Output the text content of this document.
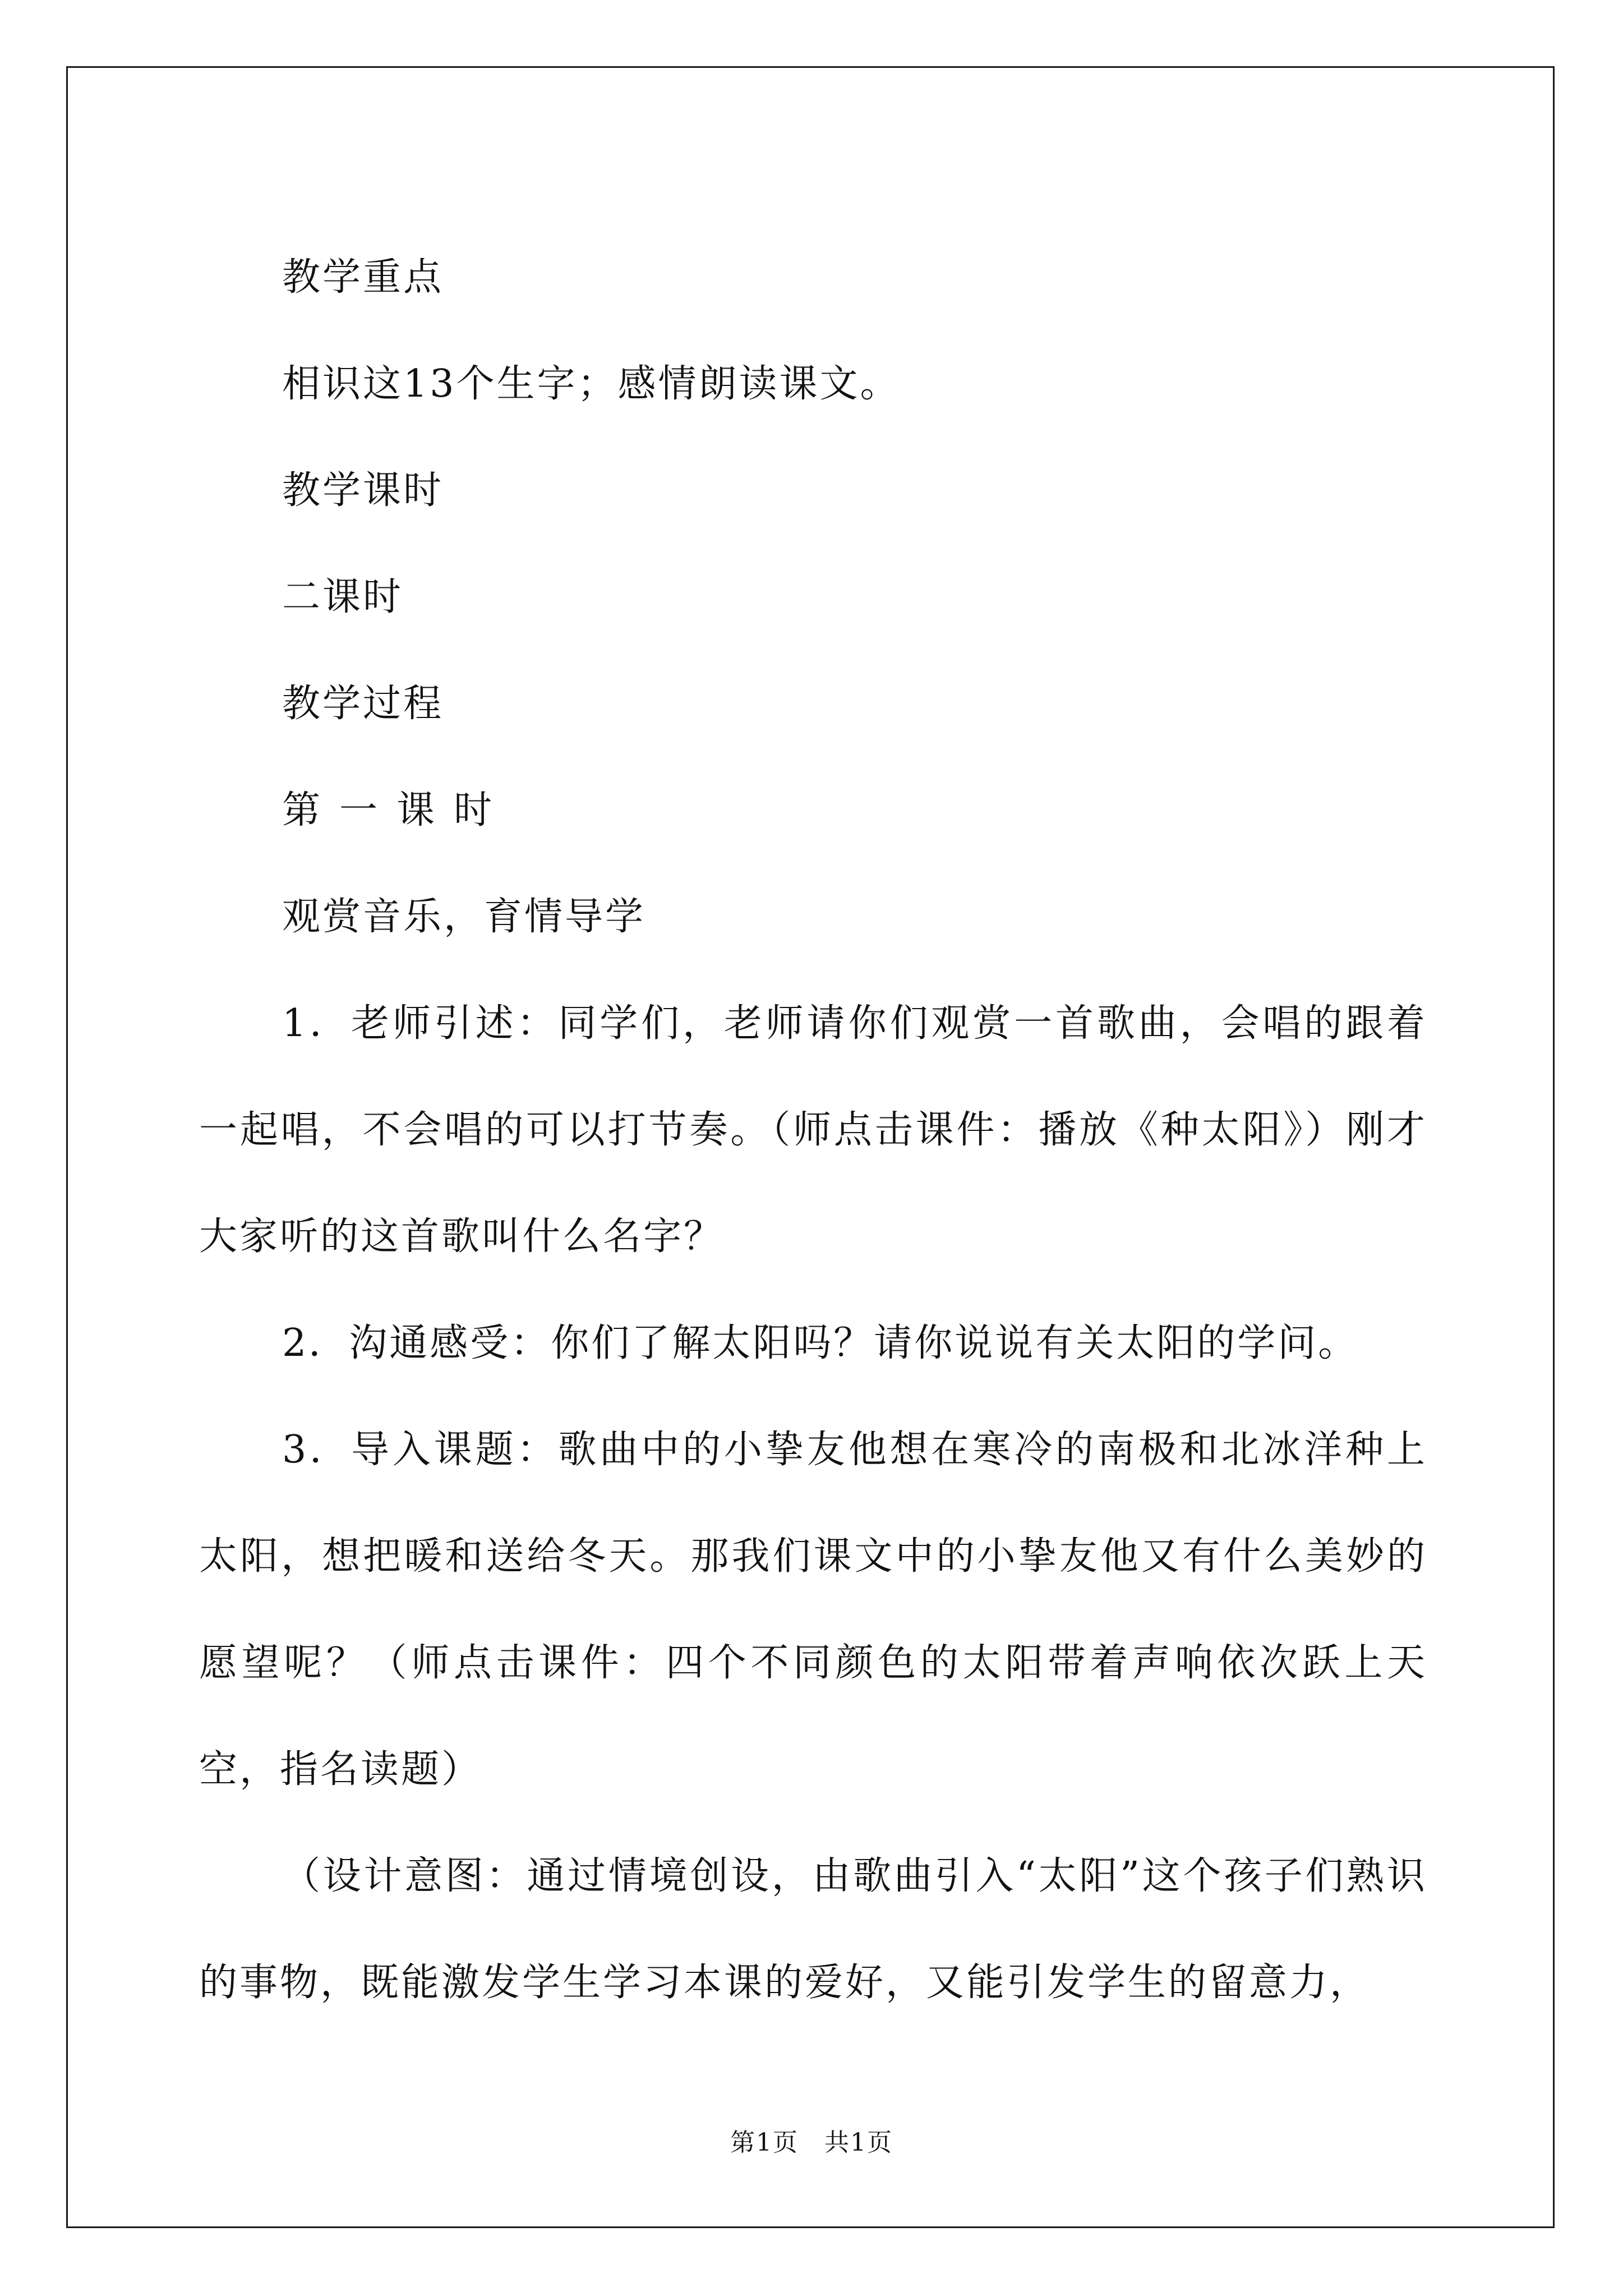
教学重点

相识这13个生字；感情朗读课文。

教学课时

二课时

教学过程

第一课时

观赏音乐，育情导学

1．老师引述：同学们，老师请你们观赏一首歌曲，会唱的跟着一起唱，不会唱的可以打节奏。（师点击课件：播放《种太阳》）刚才大家听的这首歌叫什么名字？

2．沟通感受：你们了解太阳吗？请你说说有关太阳的学问。

3．导入课题：歌曲中的小挚友他想在寒冷的南极和北冰洋种上太阳，想把暖和送给冬天。那我们课文中的小挚友他又有什么美妙的愿望呢？（师点击课件：四个不同颜色的太阳带着声响依次跃上天空，指名读题）

（设计意图：通过情境创设，由歌曲引入“太阳”这个孩子们熟识的事物，既能激发学生学习本课的爱好，又能引发学生的留意力，

第1页　共1页
